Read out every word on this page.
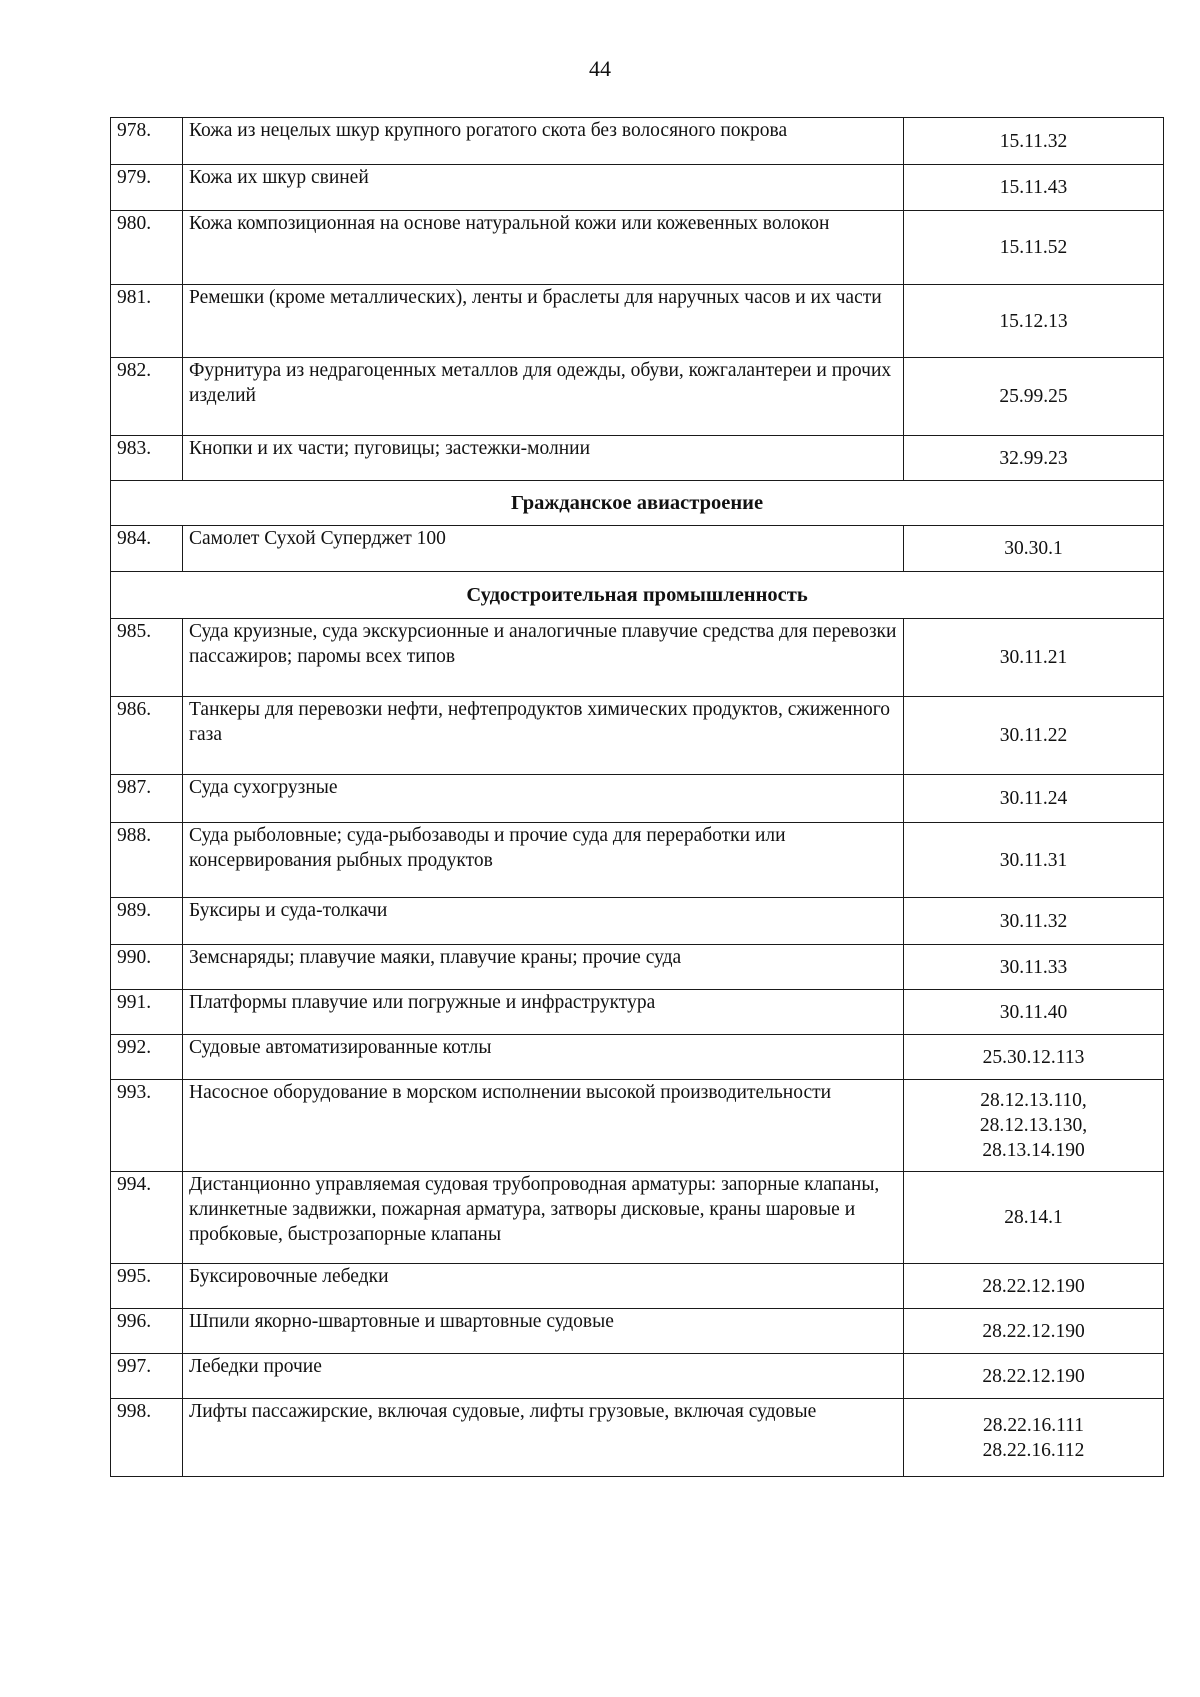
44
978.	Кожа из нецелых шкур крупного рогатого скота без волосяного покрова	15.11.32

979.	Кожа их шкур свиней	15.11.43

980.	Кожа композиционная на основе натуральной кожи или кожевенных волокон	15.11.52

981.	Ремешки (кроме металлических), ленты и браслеты для наручных часов и их части	15.12.13

982.	Фурнитура из недрагоценных металлов для одежды, обуви, кожгалантереи и прочих изделий	25.99.25

983.	Кнопки и их части; пуговицы; застежки-молнии	32.99.23

Гражданское авиастроение		
984.	Самолет Сухой Суперджет 100	30.30.1

Судостроительная промышленность		
985.	Суда круизные, суда экскурсионные и аналогичные плавучие средства для перевозки пассажиров; паромы всех типов	30.11.21

986.	Танкеры для перевозки нефти, нефтепродуктов химических продуктов, сжиженного газа	30.11.22

987.	Суда сухогрузные	30.11.24

988.	Суда рыболовные; суда-рыбозаводы и прочие суда для переработки или консервирования рыбных продуктов	30.11.31

989.	Буксиры и суда-толкачи	30.11.32

990.	Земснаряды; плавучие маяки, плавучие краны; прочие суда	30.11.33

991.	Платформы плавучие или погружные и инфраструктура	30.11.40

992.	Судовые автоматизированные котлы	25.30.12.113

993.	Насосное оборудование в морском исполнении высокой производительности	28.12.13.110,
28.12.13.130,
28.13.14.190

994.	Дистанционно управляемая судовая трубопроводная арматуры: запорные клапаны, клинкетные задвижки, пожарная арматура, затворы дисковые, краны шаровые и пробковые, быстрозапорные клапаны	28.14.1

995.	Буксировочные лебедки	28.22.12.190

996.	Шпили якорно-швартовные и швартовные судовые	28.22.12.190

997.	Лебедки прочие	28.22.12.190

998.	Лифты пассажирские, включая судовые, лифты грузовые, включая судовые	28.22.16.111
28.22.16.112
